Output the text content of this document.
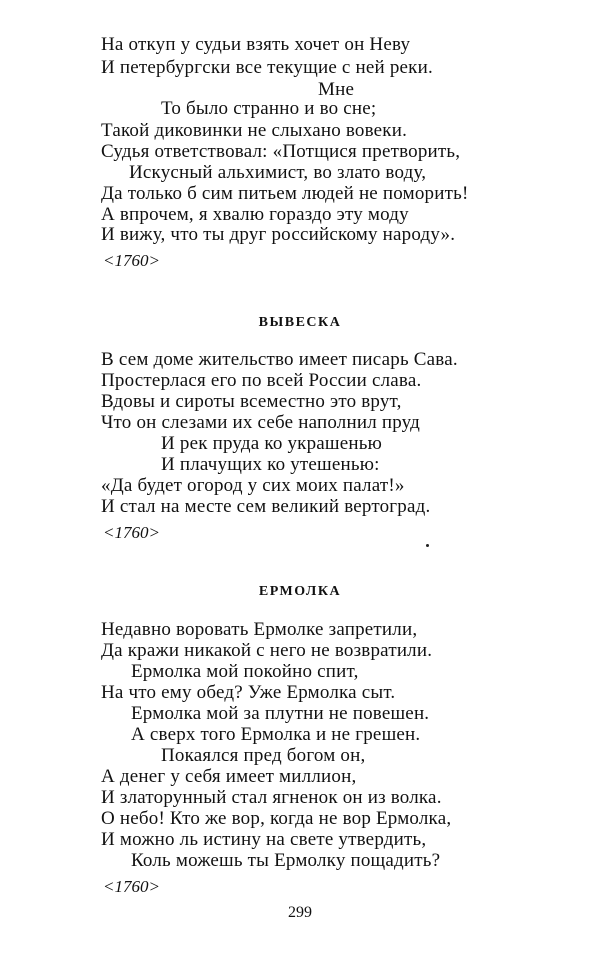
На откуп у судьи взять хочет он Неву
И петербургски все текущие с ней реки.
Мне
То было странно и во сне;
Такой диковинки не слыхано вовеки.
Судья ответствовал: «Потщися претворить,
Искусный альхимист, во злато воду,
Да только б сим питьем людей не поморить!
А впрочем, я хвалю гораздо эту моду
И вижу, что ты друг российскому народу».
<1760>
ВЫВЕСКА
В сем доме жительство имеет писарь Сава.
Простерлася его по всей России слава.
Вдовы и сироты всеместно это врут,
Что он слезами их себе наполнил пруд
И рек пруда ко украшенью
И плачущих ко утешенью:
«Да будет огород у сих моих палат!»
И стал на месте сем великий вертоград.
<1760>
ЕРМОЛКА
Недавно воровать Ермолке запретили,
Да кражи никакой с него не возвратили.
Ермолка мой покойно спит,
На что ему обед? Уже Ермолка сыт.
Ермолка мой за плутни не повешен.
А сверх того Ермолка и не грешен.
Покаялся пред богом он,
А денег у себя имеет миллион,
И златорунный стал ягненок он из волка.
О небо! Кто же вор, когда не вор Ермолка,
И можно ль истину на свете утвердить,
Коль можешь ты Ермолку пощадить?
<1760>
299
